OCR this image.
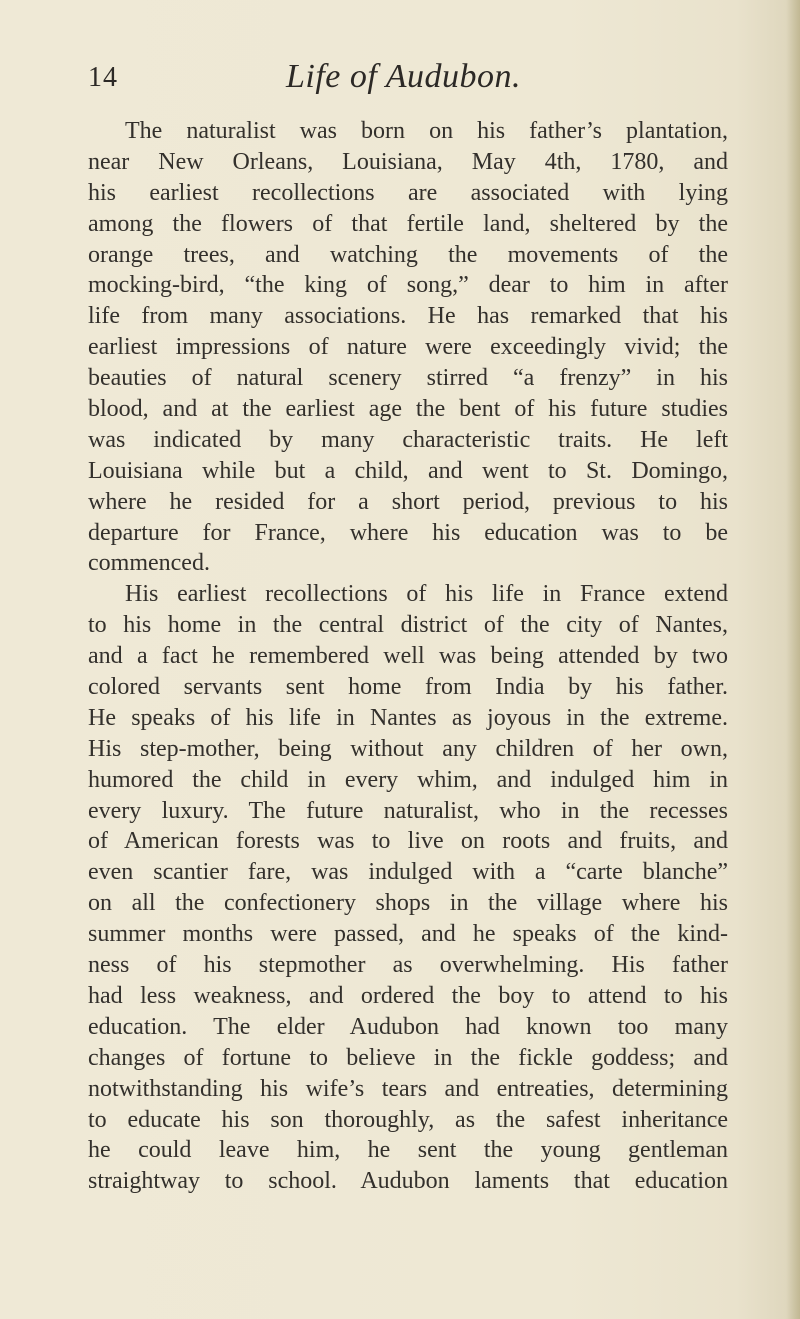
14	Life of Audubon.
The naturalist was born on his father’s plantation,
near New Orleans, Louisiana, May 4th, 1780, and
his earliest recollections are associated with lying
among the flowers of that fertile land, sheltered by the
orange trees, and watching the movements of the
mocking-bird, “the king of song,” dear to him in after
life from many associations. He has remarked that his
earliest impressions of nature were exceedingly vivid; the
beauties of natural scenery stirred “a frenzy” in his
blood, and at the earliest age the bent of his future studies
was indicated by many characteristic traits. He left
Louisiana while but a child, and went to St. Domingo,
where he resided for a short period, previous to his
departure for France, where his education was to be
commenced.
His earliest recollections of his life in France extend
to his home in the central district of the city of Nantes,
and a fact he remembered well was being attended by two
colored servants sent home from India by his father.
He speaks of his life in Nantes as joyous in the extreme.
His step-mother, being without any children of her own,
humored the child in every whim, and indulged him in
every luxury. The future naturalist, who in the recesses
of American forests was to live on roots and fruits, and
even scantier fare, was indulged with a “carte blanche”
on all the confectionery shops in the village where his
summer months were passed, and he speaks of the kind-
ness of his stepmother as overwhelming. His father
had less weakness, and ordered the boy to attend to his
education. The elder Audubon had known too many
changes of fortune to believe in the fickle goddess; and
notwithstanding his wife’s tears and entreaties, determining
to educate his son thoroughly, as the safest inheritance
he could leave him, he sent the young gentleman
straightway to school. Audubon laments that education
